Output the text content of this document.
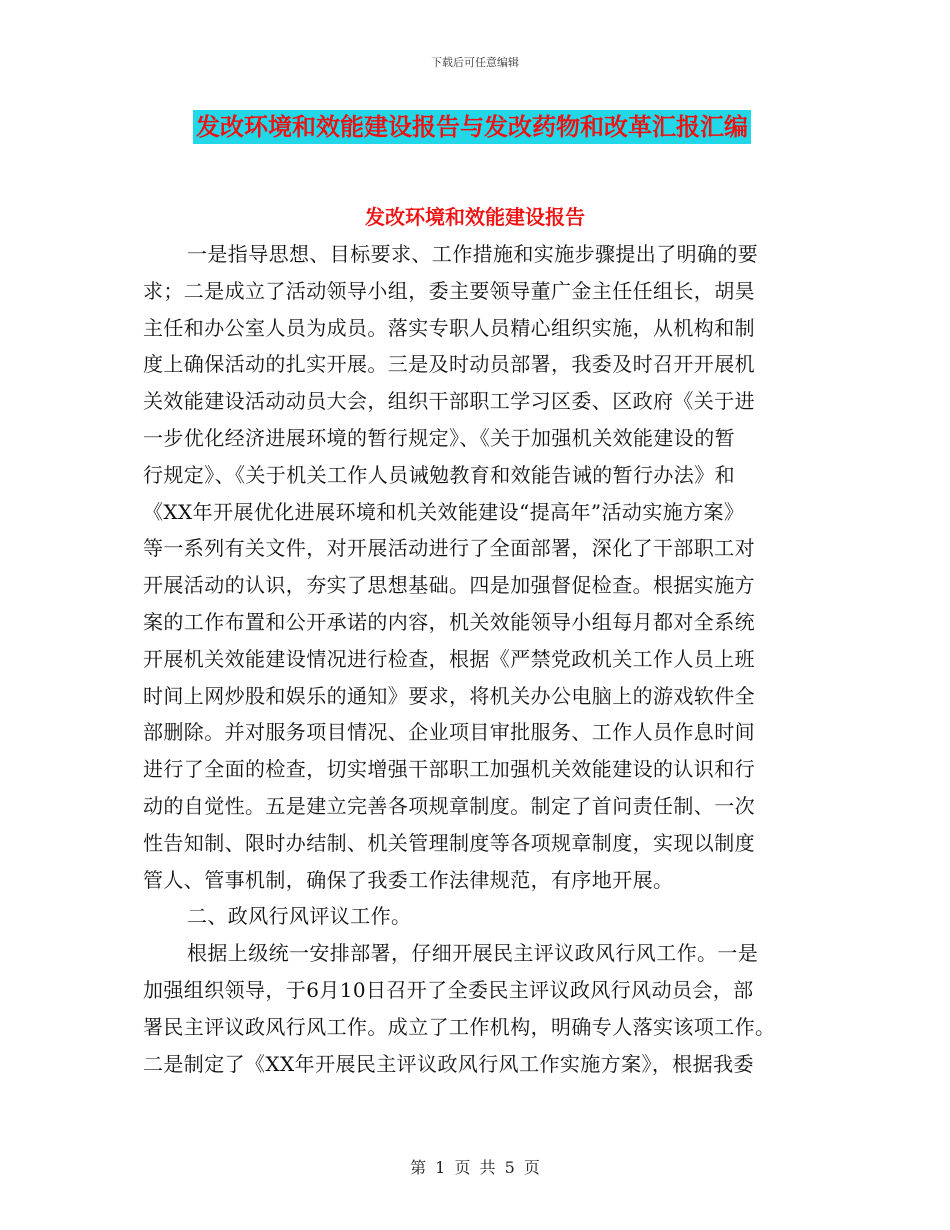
下载后可任意编辑
发改环境和效能建设报告与发改药物和改革汇报汇编
发改环境和效能建设报告
一是指导思想、目标要求、工作措施和实施步骤提出了明确的要
求；二是成立了活动领导小组，委主要领导董广金主任任组长，胡昊
主任和办公室人员为成员。落实专职人员精心组织实施，从机构和制
度上确保活动的扎实开展。三是及时动员部署，我委及时召开开展机
关效能建设活动动员大会，组织干部职工学习区委、区政府《关于进
一步优化经济进展环境的暂行规定》、《关于加强机关效能建设的暂
行规定》、《关于机关工作人员诫勉教育和效能告诫的暂行办法》和
《XX年开展优化进展环境和机关效能建设“提高年”活动实施方案》
等一系列有关文件，对开展活动进行了全面部署，深化了干部职工对
开展活动的认识，夯实了思想基础。四是加强督促检查。根据实施方
案的工作布置和公开承诺的内容，机关效能领导小组每月都对全系统
开展机关效能建设情况进行检查，根据《严禁党政机关工作人员上班
时间上网炒股和娱乐的通知》要求，将机关办公电脑上的游戏软件全
部删除。并对服务项目情况、企业项目审批服务、工作人员作息时间
进行了全面的检查，切实增强干部职工加强机关效能建设的认识和行
动的自觉性。五是建立完善各项规章制度。制定了首问责任制、一次
性告知制、限时办结制、机关管理制度等各项规章制度，实现以制度
管人、管事机制，确保了我委工作法律规范，有序地开展。
二、政风行风评议工作。
根据上级统一安排部署，仔细开展民主评议政风行风工作。一是
加强组织领导，于6月10日召开了全委民主评议政风行风动员会，部
署民主评议政风行风工作。成立了工作机构，明确专人落实该项工作。
二是制定了《XX年开展民主评议政风行风工作实施方案》，根据我委
第 1 页 共 5 页
